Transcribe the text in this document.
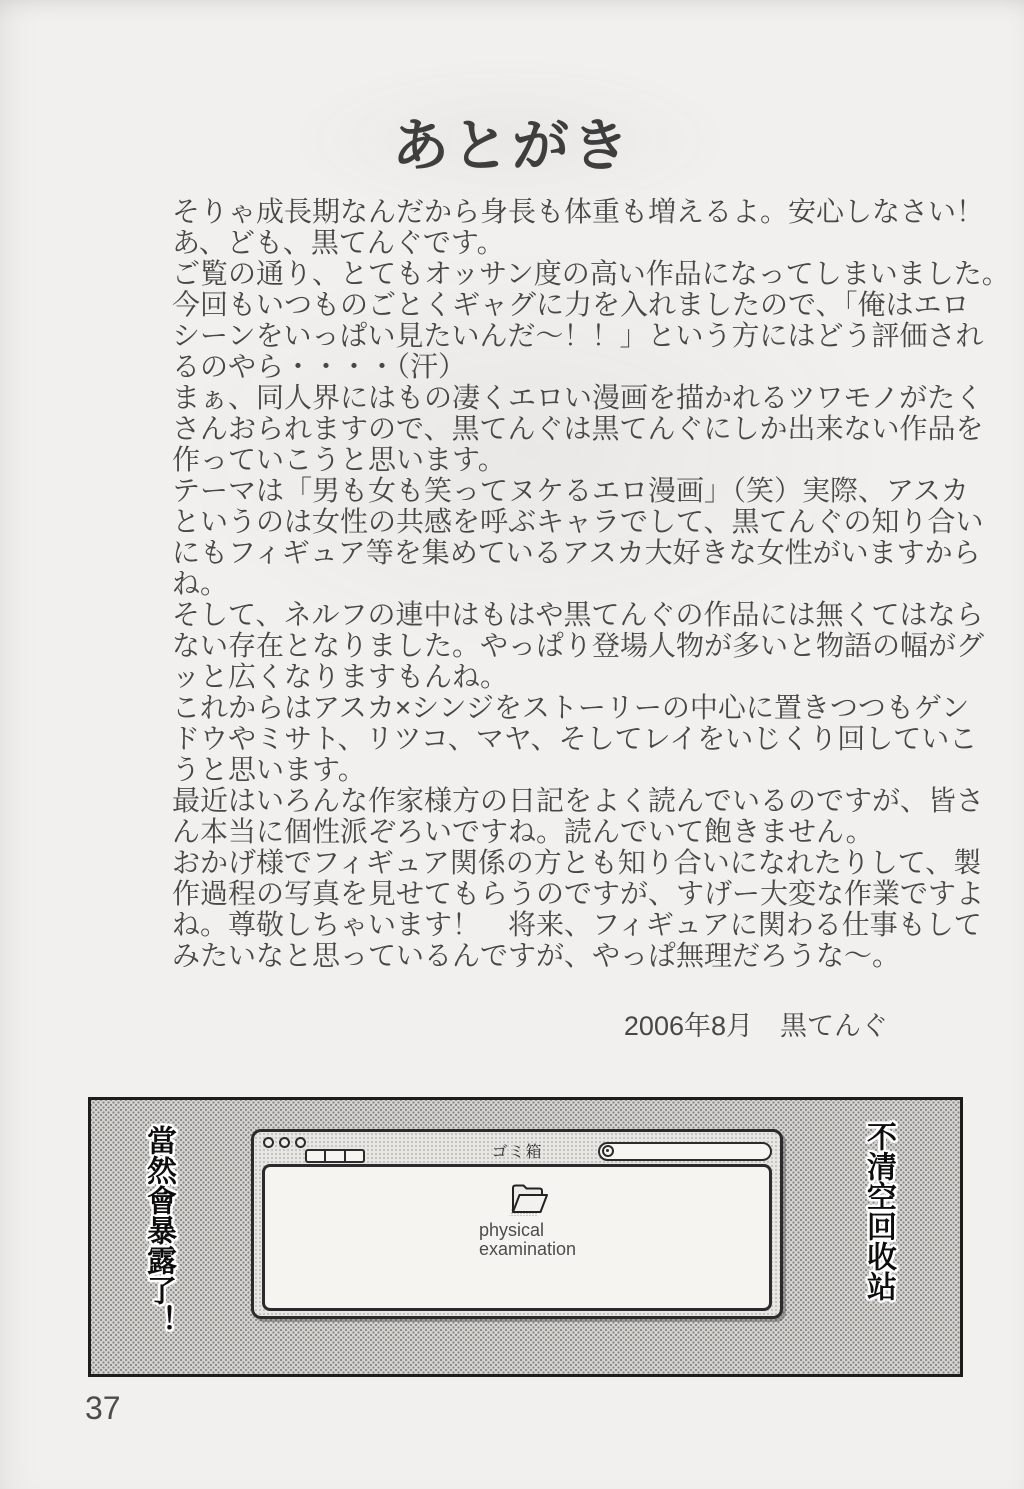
あとがき
そりゃ成長期なんだから身長も体重も増えるよ。安心しなさい！
あ、ども、黒てんぐです。
ご覧の通り、とてもオッサン度の高い作品になってしまいました。
今回もいつものごとくギャグに力を入れましたので、「俺はエロ
シーンをいっぱい見たいんだ～！！」という方にはどう評価され
るのやら・・・・（汗）
まぁ、同人界にはもの凄くエロい漫画を描かれるツワモノがたく
さんおられますので、黒てんぐは黒てんぐにしか出来ない作品を
作っていこうと思います。
テーマは「男も女も笑ってヌケるエロ漫画」（笑）実際、アスカ
というのは女性の共感を呼ぶキャラでして、黒てんぐの知り合い
にもフィギュア等を集めているアスカ大好きな女性がいますから
ね。
そして、ネルフの連中はもはや黒てんぐの作品には無くてはなら
ない存在となりました。やっぱり登場人物が多いと物語の幅がグ
ッと広くなりますもんね。
これからはアスカ×シンジをストーリーの中心に置きつつもゲン
ドウやミサト、リツコ、マヤ、そしてレイをいじくり回していこ
うと思います。
最近はいろんな作家様方の日記をよく読んでいるのですが、皆さ
ん本当に個性派ぞろいですね。読んでいて飽きません。
おかげ様でフィギュア関係の方とも知り合いになれたりして、製
作過程の写真を見せてもらうのですが、すげー大変な作業ですよ
ね。尊敬しちゃいます！　将来、フィギュアに関わる仕事もして
みたいなと思っているんですが、やっぱ無理だろうな～。
2006年8月　黒てんぐ
當然會暴露了！	不清空回收站
ゴミ箱
physical
examination
37
